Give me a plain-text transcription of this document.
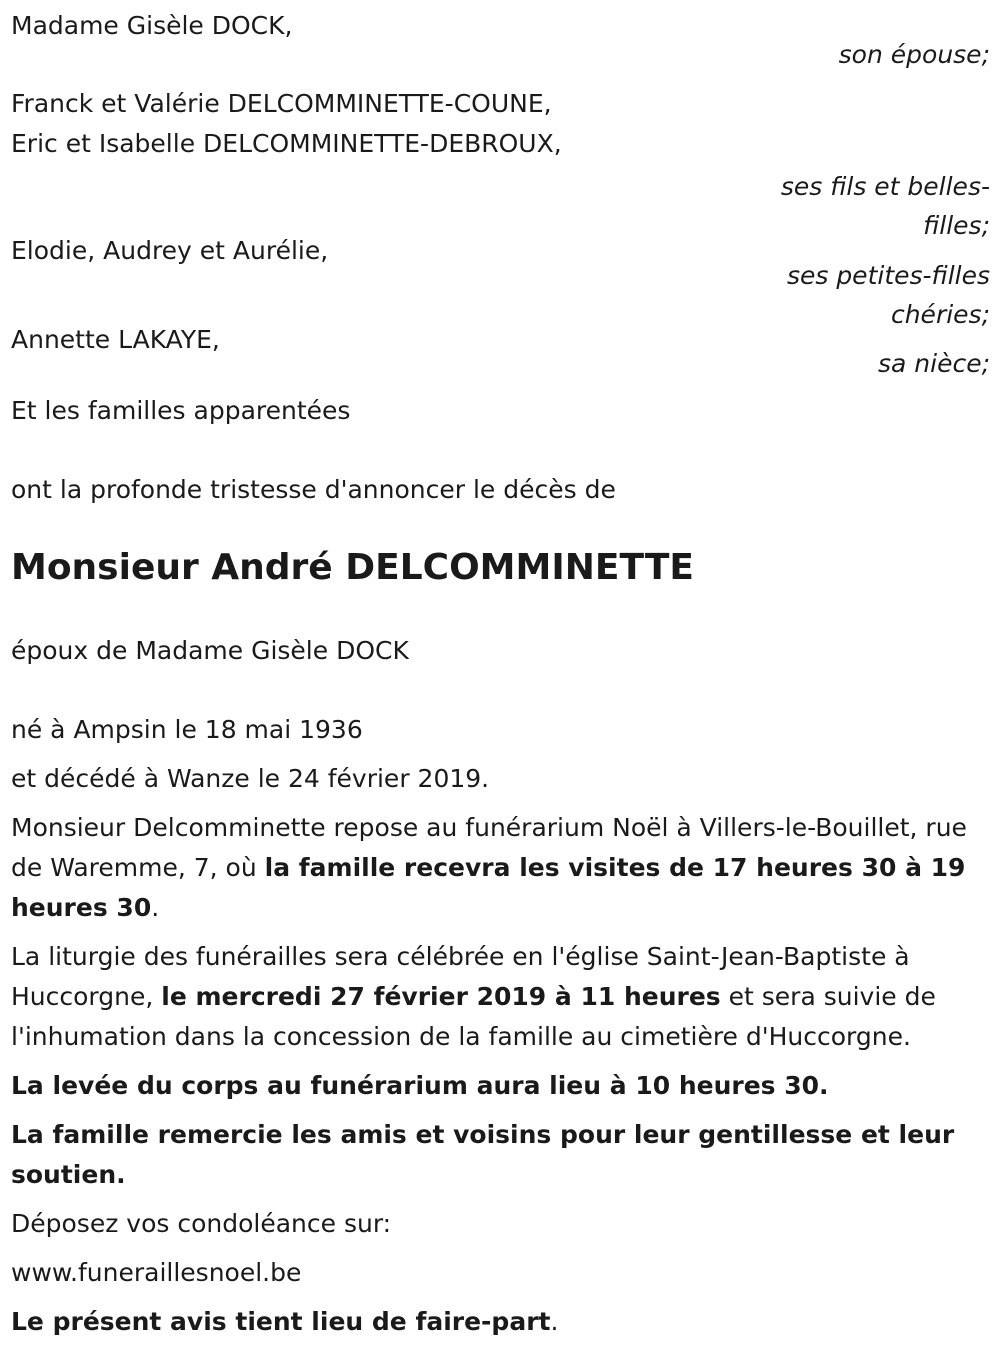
Madame Gisèle DOCK,

son épouse;

Franck et Valérie DELCOMMINETTE-COUNE,

Eric et Isabelle DELCOMMINETTE-DEBROUX,

ses fils et belles-
filles;

Elodie, Audrey et Aurélie,

ses petites-filles
chéries;

Annette LAKAYE,

sa nièce;

Et les familles apparentées

ont la profonde tristesse d'annoncer le décès de

Monsieur André DELCOMMINETTE

époux de Madame Gisèle DOCK

né à Ampsin le 18 mai 1936

et décédé à Wanze le 24 février 2019.

Monsieur Delcomminette repose au funérarium Noël à Villers-le-Bouillet, rue de Waremme, 7, où la famille recevra les visites de 17 heures 30 à 19 heures 30.

La liturgie des funérailles sera célébrée en l'église Saint-Jean-Baptiste à Huccorgne, le mercredi 27 février 2019 à 11 heures et sera suivie de l'inhumation dans la concession de la famille au cimetière d'Huccorgne.

La levée du corps au funérarium aura lieu à 10 heures 30.

La famille remercie les amis et voisins pour leur gentillesse et leur soutien.

Déposez vos condoléance sur:

www.funeraillesnoel.be

Le présent avis tient lieu de faire-part.
